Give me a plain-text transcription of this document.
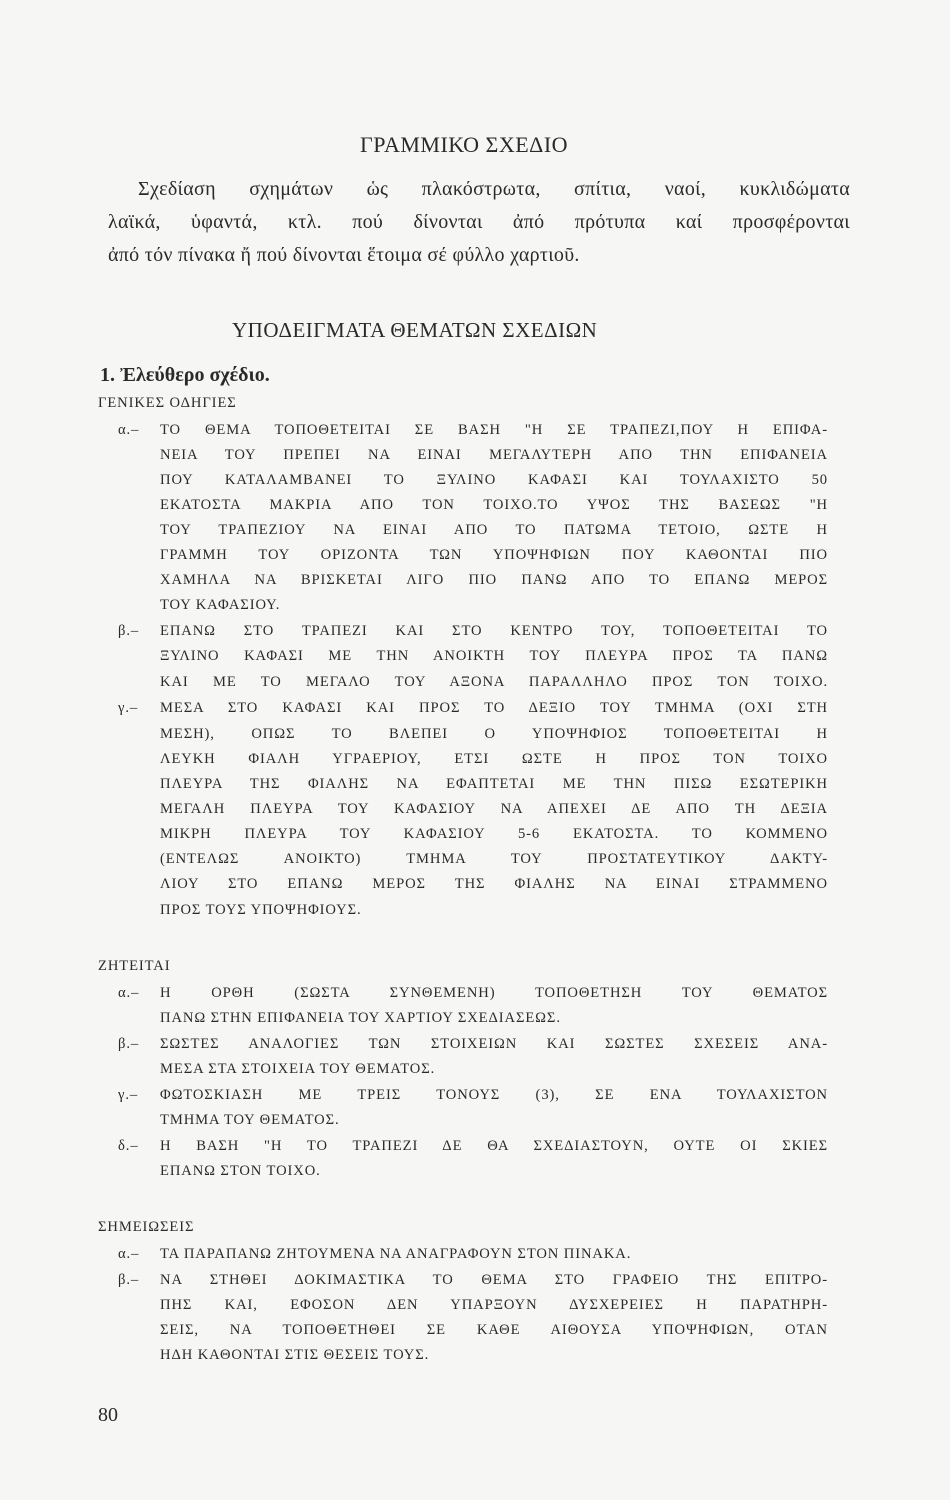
ΓΡΑΜΜΙΚΟ ΣΧΕΔΙΟ
Σχεδίαση σχημάτων ὡς πλακόστρωτα, σπίτια, ναοί, κυκλιδώματα
λαϊκά, ὑφαντά, κτλ. πού δίνονται ἀπό πρότυπα καί προσφέρονται
ἀπό τόν πίνακα ἤ πού δίνονται ἕτοιμα σέ φύλλο χαρτιοῦ.
ΥΠΟΔΕΙΓΜΑΤΑ ΘΕΜΑΤΩΝ ΣΧΕΔΙΩΝ
1. Ἐλεύθερο σχέδιο.
ΓΕΝΙΚΕΣ ΟΔΗΓΙΕΣ
α.– ΤΟ ΘΕΜΑ ΤΟΠΟΘΕΤΕΙΤΑΙ ΣΕ ΒΑΣΗ "Η ΣΕ ΤΡΑΠΕΖΙ,ΠΟΥ Η ΕΠΙΦΑ-
ΝΕΙΑ ΤΟΥ ΠΡΕΠΕΙ ΝΑ ΕΙΝΑΙ ΜΕΓΑΛΥΤΕΡΗ ΑΠΟ ΤΗΝ ΕΠΙΦΑΝΕΙΑ
ΠΟΥ ΚΑΤΑΛΑΜΒΑΝΕΙ ΤΟ ΞΥΛΙΝΟ ΚΑΦΑΣΙ ΚΑΙ ΤΟΥΛΑΧΙΣΤΟ 50
ΕΚΑΤΟΣΤΑ ΜΑΚΡΙΑ ΑΠΟ ΤΟΝ ΤΟΙΧΟ.ΤΟ ΥΨΟΣ ΤΗΣ ΒΑΣΕΩΣ "Η
ΤΟΥ ΤΡΑΠΕΖΙΟΥ ΝΑ ΕΙΝΑΙ ΑΠΟ ΤΟ ΠΑΤΩΜΑ ΤΕΤΟΙΟ, ΩΣΤΕ Η
ΓΡΑΜΜΗ ΤΟΥ ΟΡΙΖΟΝΤΑ ΤΩΝ ΥΠΟΨΗΦΙΩΝ ΠΟΥ ΚΑΘΟΝΤΑΙ ΠΙΟ
ΧΑΜΗΛΑ ΝΑ ΒΡΙΣΚΕΤΑΙ ΛΙΓΟ ΠΙΟ ΠΑΝΩ ΑΠΟ ΤΟ ΕΠΑΝΩ ΜΕΡΟΣ
ΤΟΥ ΚΑΦΑΣΙΟΥ.
β.– ΕΠΑΝΩ ΣΤΟ ΤΡΑΠΕΖΙ ΚΑΙ ΣΤΟ ΚΕΝΤΡΟ ΤΟΥ, ΤΟΠΟΘΕΤΕΙΤΑΙ ΤΟ
ΞΥΛΙΝΟ ΚΑΦΑΣΙ ΜΕ ΤΗΝ ΑΝΟΙΚΤΗ ΤΟΥ ΠΛΕΥΡΑ ΠΡΟΣ ΤΑ ΠΑΝΩ
ΚΑΙ ΜΕ ΤΟ ΜΕΓΑΛΟ ΤΟΥ ΑΞΟΝΑ ΠΑΡΑΛΛΗΛΟ ΠΡΟΣ ΤΟΝ ΤΟΙΧΟ.
γ.– ΜΕΣΑ ΣΤΟ ΚΑΦΑΣΙ ΚΑΙ ΠΡΟΣ ΤΟ ΔΕΞΙΟ ΤΟΥ ΤΜΗΜΑ (ΟΧΙ ΣΤΗ
ΜΕΣΗ), ΟΠΩΣ ΤΟ ΒΛΕΠΕΙ Ο ΥΠΟΨΗΦΙΟΣ ΤΟΠΟΘΕΤΕΙΤΑΙ Η
ΛΕΥΚΗ ΦΙΑΛΗ ΥΓΡΑΕΡΙΟΥ, ΕΤΣΙ ΩΣΤΕ Η ΠΡΟΣ ΤΟΝ ΤΟΙΧΟ
ΠΛΕΥΡΑ ΤΗΣ ΦΙΑΛΗΣ ΝΑ ΕΦΑΠΤΕΤΑΙ ΜΕ ΤΗΝ ΠΙΣΩ ΕΣΩΤΕΡΙΚΗ
ΜΕΓΑΛΗ ΠΛΕΥΡΑ ΤΟΥ ΚΑΦΑΣΙΟΥ ΝΑ ΑΠΕΧΕΙ ΔΕ ΑΠΟ ΤΗ ΔΕΞΙΑ
ΜΙΚΡΗ ΠΛΕΥΡΑ ΤΟΥ ΚΑΦΑΣΙΟΥ 5-6 ΕΚΑΤΟΣΤΑ. ΤΟ ΚΟΜΜΕΝΟ
(ΕΝΤΕΛΩΣ ΑΝΟΙΚΤΟ) ΤΜΗΜΑ ΤΟΥ ΠΡΟΣΤΑΤΕΥΤΙΚΟΥ ΔΑΚΤΥ-
ΛΙΟΥ ΣΤΟ ΕΠΑΝΩ ΜΕΡΟΣ ΤΗΣ ΦΙΑΛΗΣ ΝΑ ΕΙΝΑΙ ΣΤΡΑΜΜΕΝΟ
ΠΡΟΣ ΤΟΥΣ ΥΠΟΨΗΦΙΟΥΣ.
ΖΗΤΕΙΤΑΙ
α.– Η ΟΡΘΗ (ΣΩΣΤΑ ΣΥΝΘΕΜΕΝΗ) ΤΟΠΟΘΕΤΗΣΗ ΤΟΥ ΘΕΜΑΤΟΣ
ΠΑΝΩ ΣΤΗΝ ΕΠΙΦΑΝΕΙΑ ΤΟΥ ΧΑΡΤΙΟΥ ΣΧΕΔΙΑΣΕΩΣ.
β.– ΣΩΣΤΕΣ ΑΝΑΛΟΓΙΕΣ ΤΩΝ ΣΤΟΙΧΕΙΩΝ ΚΑΙ ΣΩΣΤΕΣ ΣΧΕΣΕΙΣ ΑΝΑ-
ΜΕΣΑ ΣΤΑ ΣΤΟΙΧΕΙΑ ΤΟΥ ΘΕΜΑΤΟΣ.
γ.– ΦΩΤΟΣΚΙΑΣΗ ΜΕ ΤΡΕΙΣ ΤΟΝΟΥΣ (3), ΣΕ ΕΝΑ ΤΟΥΛΑΧΙΣΤΟΝ
ΤΜΗΜΑ ΤΟΥ ΘΕΜΑΤΟΣ.
δ.– Η ΒΑΣΗ "Η ΤΟ ΤΡΑΠΕΖΙ ΔΕ ΘΑ ΣΧΕΔΙΑΣΤΟΥΝ, ΟΥΤΕ ΟΙ ΣΚΙΕΣ
ΕΠΑΝΩ ΣΤΟΝ ΤΟΙΧΟ.
ΣΗΜΕΙΩΣΕΙΣ
α.– ΤΑ ΠΑΡΑΠΑΝΩ ΖΗΤΟΥΜΕΝΑ ΝΑ ΑΝΑΓΡΑΦΟΥΝ ΣΤΟΝ ΠΙΝΑΚΑ.
β.– ΝΑ ΣΤΗΘΕΙ ΔΟΚΙΜΑΣΤΙΚΑ ΤΟ ΘΕΜΑ ΣΤΟ ΓΡΑΦΕΙΟ ΤΗΣ ΕΠΙΤΡΟ-
ΠΗΣ ΚΑΙ, ΕΦΟΣΟΝ ΔΕΝ ΥΠΑΡΞΟΥΝ ΔΥΣΧΕΡΕΙΕΣ Η ΠΑΡΑΤΗΡΗ-
ΣΕΙΣ, ΝΑ ΤΟΠΟΘΕΤΗΘΕΙ ΣΕ ΚΑΘΕ ΑΙΘΟΥΣΑ ΥΠΟΨΗΦΙΩΝ, ΟΤΑΝ
ΗΔΗ ΚΑΘΟΝΤΑΙ ΣΤΙΣ ΘΕΣΕΙΣ ΤΟΥΣ.
80
